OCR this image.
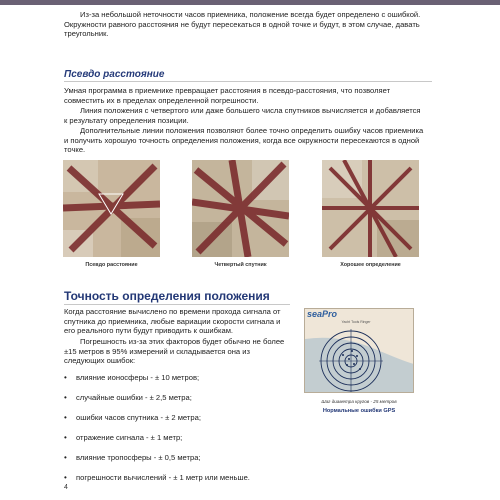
Из-за небольшой неточности часов приемника, положение всегда будет определено с ошибкой. Окружности равного расстояния не будут пересекаться в одной точке и будут, в этом случае, давать треугольник.

Псевдо расстояние

Умная программа в приемнике превращает расстояния в псевдо-расстояния, что позволяет совместить их в пределах определенной погрешности.

Линия положения с четвертого или даже большего числа спутников вычисляется и добавляется к результату определения позиции.

Дополнительные линии положения позволяют более точно определить ошибку часов приемника и получить хорошую точность определения положения, когда все окружности пересекаются в одной точке.

Псевдо расстояние	Четвертый спутник	Хорошее определение
Точность определения положения

Когда расстояние вычислено по времени прохода сигнала от спутника до приемника, любые вариации скорости сигнала и его реального пути будут приводить к ошибкам.

Погрешность из-за этих факторов будет обычно не более ±15 метров в 95% измерений и складывается она из следующих ошибок:

• влияние ионосферы - ± 10 метров;
• случайные ошибки - ± 2,5 метра;
• ошибки часов спутника - ± 2 метра;
• отражение сигнала - ± 1 метр;
• влияние тропосферы - ± 0,5 метра;
• погрешности вычислений - ± 1 метр или меньше.
seaPro
Yacht Tools Ringer
Шаг диаметра кругов - 25 метров
Нормальные ошибки GPS
4
